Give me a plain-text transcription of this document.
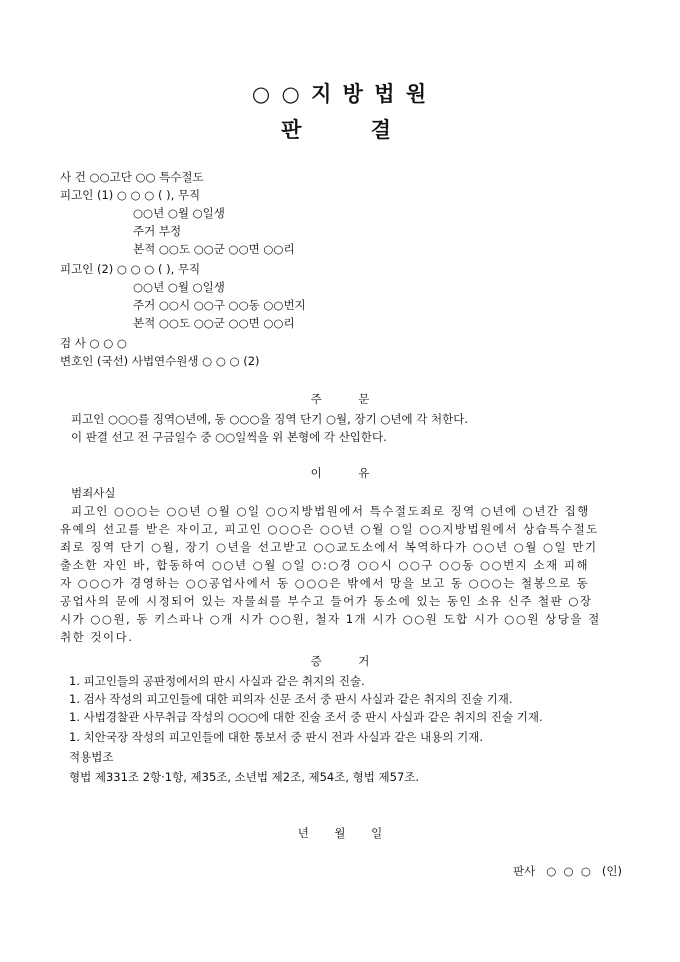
○ ○ 지 방 법 원
판    결
사 건 ○○고단 ○○ 특수절도
피고인 (1) ○ ○ ○ ( ), 무직
○○년 ○월 ○일생
주거 부정
본적 ○○도 ○○군 ○○면 ○○리
피고인 (2) ○ ○ ○ ( ), 무직
○○년 ○월 ○일생
주거 ○○시 ○○구 ○○동 ○○번지
본적 ○○도 ○○군 ○○면 ○○리
검 사 ○ ○ ○
변호인 (국선) 사법연수원생 ○ ○ ○ (2)
주          문
피고인 ○○○를 징역○년에, 동 ○○○을 징역 단기 ○월, 장기 ○년에 각 처한다.
이 판결 선고 전 구금일수 중 ○○일씩을 위 본형에 각 산입한다.
이          유
범죄사실
피고인 ○○○는 ○○년 ○월 ○일 ○○지방법원에서 특수절도죄로 징역 ○년에 ○년간 집행
유예의 선고를 받은 자이고, 피고인 ○○○은 ○○년 ○월 ○일 ○○지방법원에서 상습특수절도
죄로 징역 단기 ○월, 장기 ○년을 선고받고 ○○교도소에서 복역하다가 ○○년 ○월 ○일 만기
출소한 자인 바, 합동하여 ○○년 ○월 ○일 ○:○경 ○○시 ○○구 ○○동 ○○번지 소재 피해
자 ○○○가 경영하는 ○○공업사에서 동 ○○○은 밖에서 망을 보고 동 ○○○는 철봉으로 동
공업사의 문에 시정되어 있는 자물쇠를 부수고 들어가 동소에 있는 동인 소유 신주 철판 ○장
시가 ○○원, 동 키스파나 ○개 시가 ○○원, 철자 1개 시가 ○○원 도합 시가 ○○원 상당을 절
취한 것이다.
증          거
1. 피고인들의 공판정에서의 판시 사실과 같은 취지의 진술.
1. 검사 작성의 피고인들에 대한 피의자 신문 조서 중 판시 사실과 같은 취지의 진술 기재.
1. 사법경찰관 사무취급 작성의 ○○○에 대한 진술 조서 중 판시 사실과 같은 취지의 진술 기재.
1. 치안국장 작성의 피고인들에 대한 통보서 중 판시 전과 사실과 같은 내용의 기재.
적용법조
형법 제331조 2항·1항, 제35조, 소년법 제2조, 제54조, 형법 제57조.
년       월       일
판사   ○  ○  ○   (인)
